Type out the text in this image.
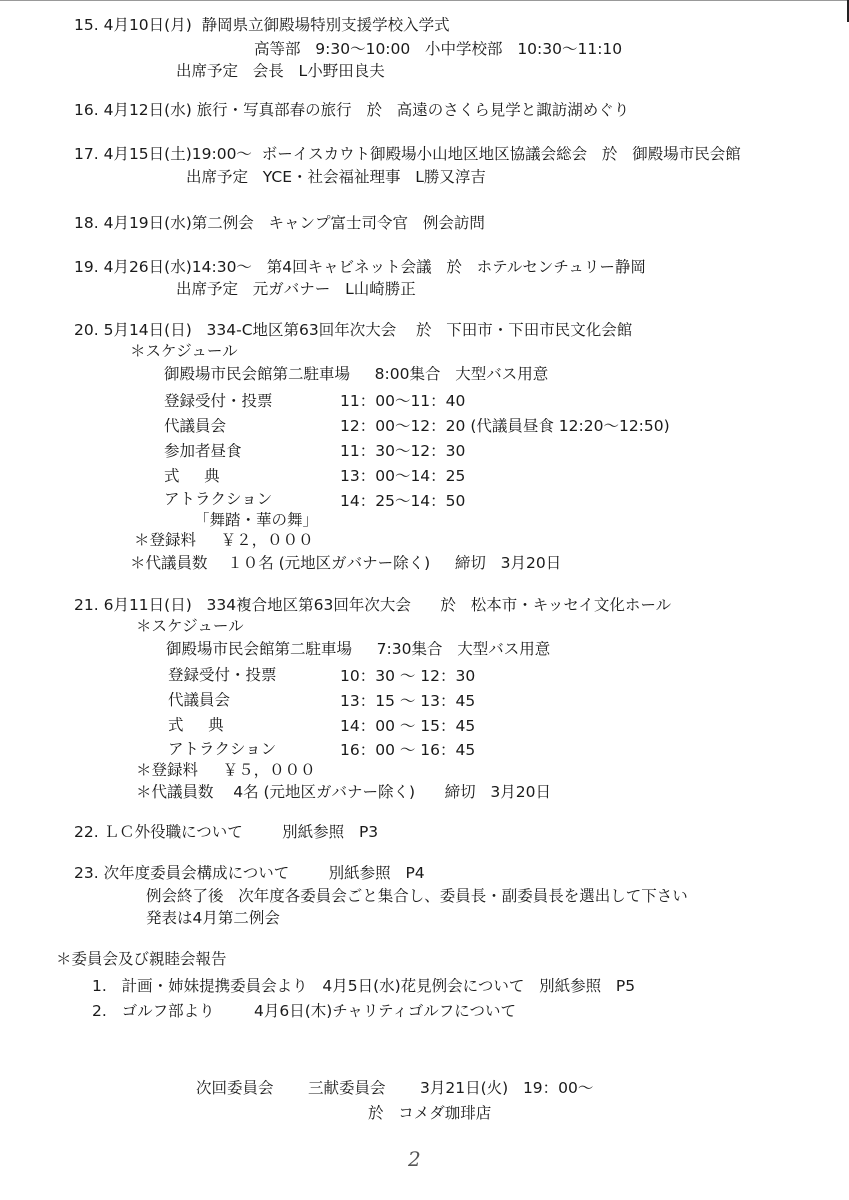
15. 4月10日(月)  静岡県立御殿場特別支援学校入学式
高等部   9:30〜10:00   小中学校部   10:30〜11:10
出席予定   会長   L小野田良夫
16. 4月12日(水) 旅行・写真部春の旅行   於   高遠のさくら見学と諏訪湖めぐり
17. 4月15日(土)19:00〜  ボーイスカウト御殿場小山地区地区協議会総会   於   御殿場市民会館
出席予定   YCE・社会福祉理事   L勝又淳吉
18. 4月19日(水)第二例会   キャンプ富士司令官   例会訪問
19. 4月26日(水)14:30〜   第4回キャビネット会議   於   ホテルセンチュリー静岡
出席予定   元ガバナー   L山崎勝正
20. 5月14日(日)   334-C地区第63回年次大会    於   下田市・下田市民文化会館
＊スケジュール
御殿場市民会館第二駐車場     8:00集合   大型バス用意
登録受付・投票	11：00〜11：40
代議員会	12：00〜12：20 (代議員昼食 12:20〜12:50)
参加者昼食	11：30〜12：30
式     典	13：00〜14：25
アトラクション	14：25〜14：50
「舞踏・華の舞」
＊登録料     ￥２，０００
＊代議員数    １０名 (元地区ガバナー除く)     締切   3月20日
21. 6月11日(日)   334複合地区第63回年次大会      於   松本市・キッセイ文化ホール
＊スケジュール
御殿場市民会館第二駐車場     7:30集合   大型バス用意
登録受付・投票	10：30 〜 12：30
代議員会	13：15 〜 13：45
式     典	14：00 〜 15：45
アトラクション	16：00 〜 16：45
＊登録料     ￥５，０００
＊代議員数    4名 (元地区ガバナー除く)      締切   3月20日
22. ＬＣ外役職について        別紙参照   P3
23. 次年度委員会構成について        別紙参照   P4
例会終了後   次年度各委員会ごと集合し、委員長・副委員長を選出して下さい
発表は4月第二例会
＊委員会及び親睦会報告
1.   計画・姉妹提携委員会より   4月5日(水)花見例会について   別紙参照   P5
2.   ゴルフ部より        4月6日(木)チャリティゴルフについて
次回委員会       三献委員会       3月21日(火)   19：00〜
於   コメダ珈琲店
2
